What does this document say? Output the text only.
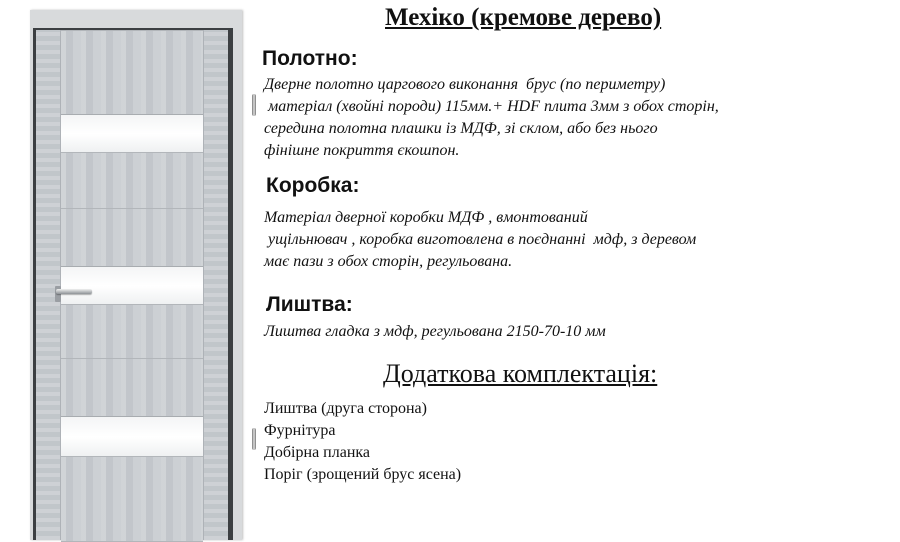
Мехіко (кремове дерево)
Полотно:

Дверне полотно царгового виконання  брус (по периметру)
матеріал (хвойні породи) 115мм.+ HDF плита 3мм з обох сторін,
середина полотна плашки із МДФ, зі склом, або без нього
фінішне покриття єкошпон.

Коробка:

Матеріал дверної коробки МДФ , вмонтований
ущільнювач , коробка виготовлена в поєднанні  мдф, з деревом
має пази з обох сторін, регульована.

Лиштва:

Лиштва гладка з мдф, регульована 2150-70-10 мм

Додаткова комплектація:
Лиштва (друга сторона)
Фурнітура
Добірна планка
Поріг (зрощений брус ясена)
